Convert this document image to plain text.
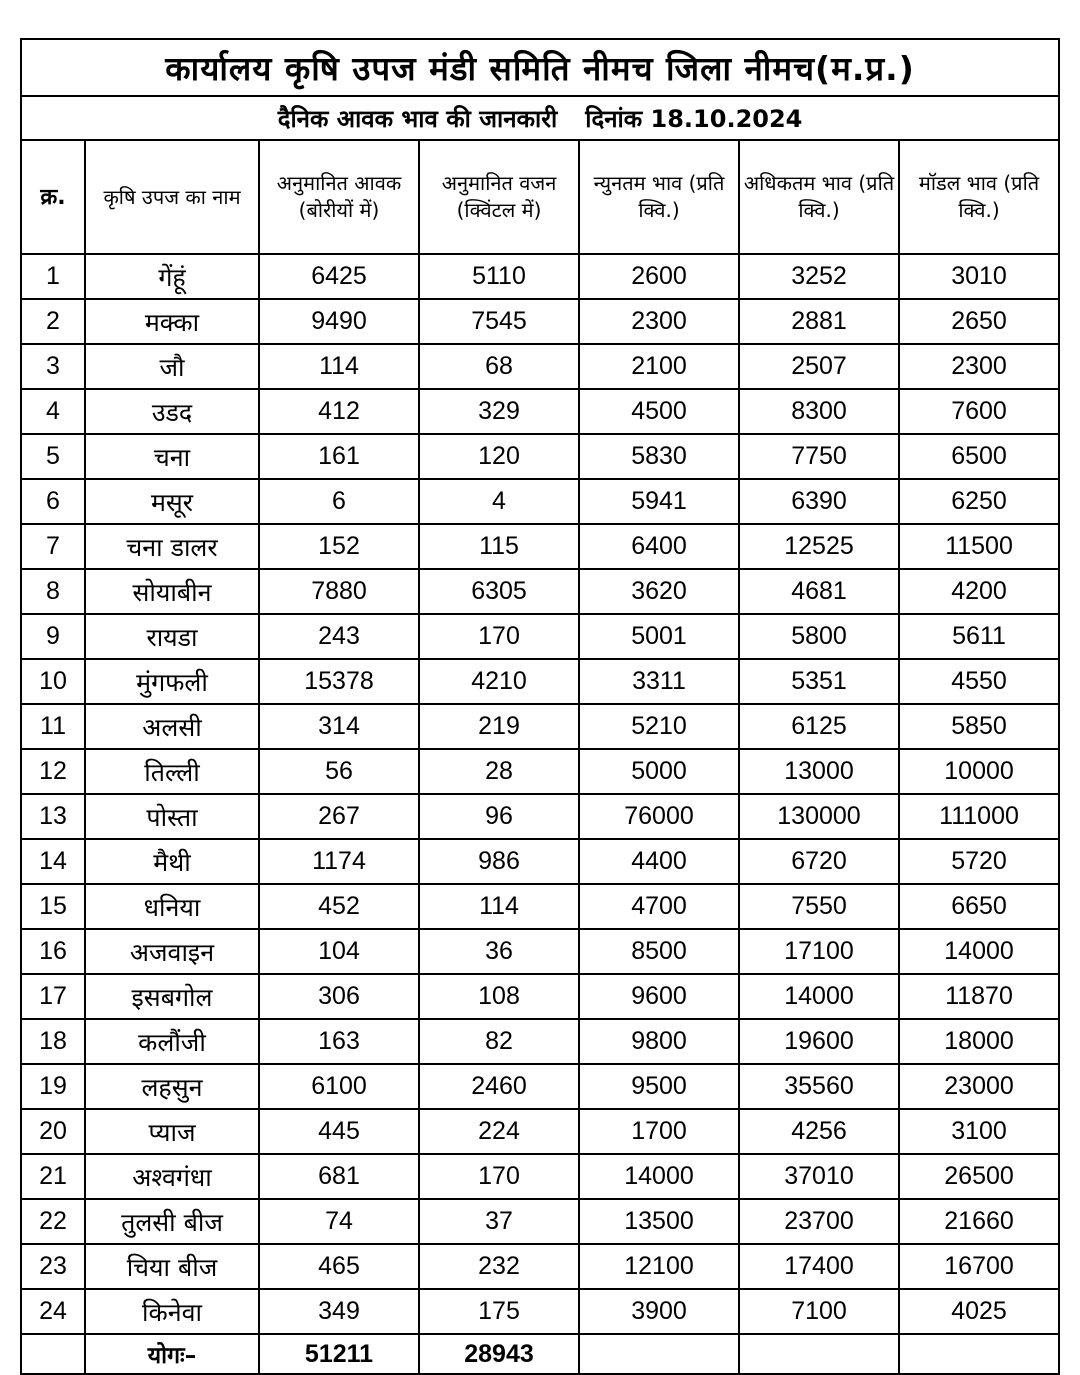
कार्यालय कृषि उपज मंडी समिति नीमच जिला नीमच(म.प्र.)						
दैनिक आवक भाव की जानकारी दिनांक 18.10.2024						
क्र.	कृषि उपज का नाम	अनुमानित आवक (बोरीयों में)	अनुमानित वजन (क्विंटल में)	न्युनतम भाव (प्रति क्वि.)	अधिकतम भाव (प्रति क्वि.)	मॉडल भाव (प्रति क्वि.)
1	गेंहूं	6425	5110	2600	3252	3010
2	मक्का	9490	7545	2300	2881	2650
3	जौ	114	68	2100	2507	2300
4	उडद	412	329	4500	8300	7600
5	चना	161	120	5830	7750	6500
6	मसूर	6	4	5941	6390	6250
7	चना डालर	152	115	6400	12525	11500
8	सोयाबीन	7880	6305	3620	4681	4200
9	रायडा	243	170	5001	5800	5611
10	मुंगफली	15378	4210	3311	5351	4550
11	अलसी	314	219	5210	6125	5850
12	तिल्ली	56	28	5000	13000	10000
13	पोस्ता	267	96	76000	130000	111000
14	मैथी	1174	986	4400	6720	5720
15	धनिया	452	114	4700	7550	6650
16	अजवाइन	104	36	8500	17100	14000
17	इसबगोल	306	108	9600	14000	11870
18	कलौंजी	163	82	9800	19600	18000
19	लहसुन	6100	2460	9500	35560	23000
20	प्याज	445	224	1700	4256	3100
21	अश्वगंधा	681	170	14000	37010	26500
22	तुलसी बीज	74	37	13500	23700	21660
23	चिया बीज	465	232	12100	17400	16700
24	किनेवा	349	175	3900	7100	4025
	योगः–	51211	28943			
